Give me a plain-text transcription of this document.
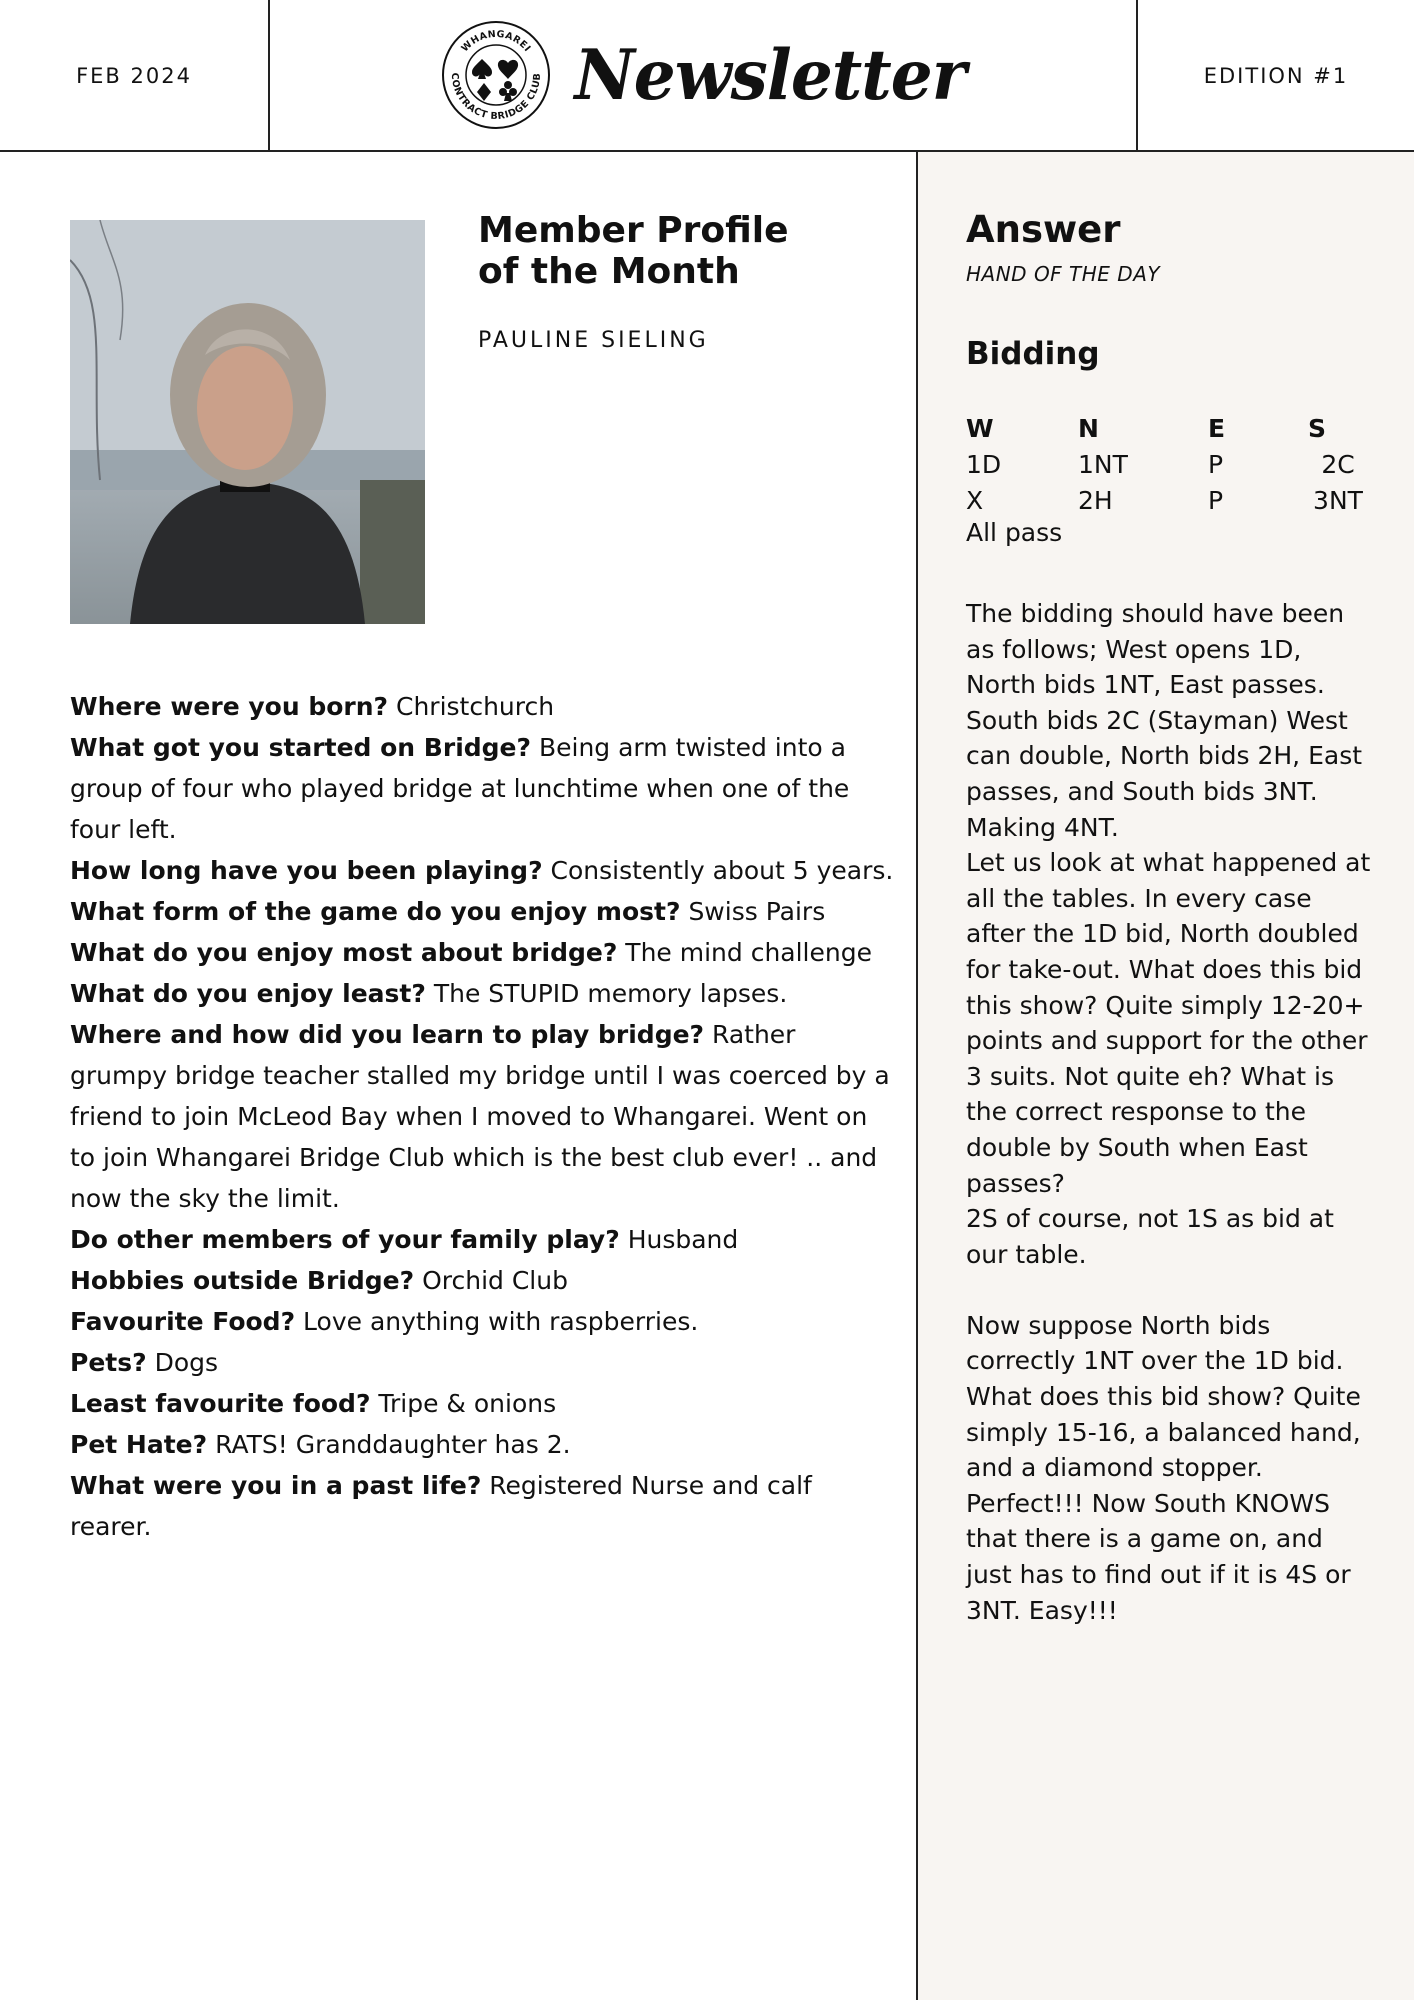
FEB 2024
WHANGAREI
CONTRACT BRIDGE CLUB Newsletter	EDITION #1
Member Profile
of the Month
PAULINE SIELING
Where were you born? Christchurch
What got you started on Bridge? Being arm twisted into a group of four who played bridge at lunchtime when one of the four left.
How long have you been playing? Consistently about 5 years.
What form of the game do you enjoy most? Swiss Pairs
What do you enjoy most about bridge? The mind challenge
What do you enjoy least? The STUPID memory lapses.
Where and how did you learn to play bridge? Rather grumpy bridge teacher stalled my bridge until I was coerced by a friend to join McLeod Bay when I moved to Whangarei. Went on to join Whangarei Bridge Club which is the best club ever! .. and now the sky the limit.
Do other members of your family play? Husband
Hobbies outside Bridge? Orchid Club
Favourite Food? Love anything with raspberries.
Pets? Dogs
Least favourite food? Tripe & onions
Pet Hate? RATS! Granddaughter has 2.
What were you in a past life? Registered Nurse and calf rearer.
Answer
HAND OF THE DAY
Bidding
W	N	E	S
1D	1NT	P	2C
X	2H	P	3NT
All pass

The bidding should have been as follows; West opens 1D, North bids 1NT, East passes. South bids 2C (Stayman) West can double, North bids 2H, East passes, and South bids 3NT. Making 4NT.

Let us look at what happened at all the tables. In every case after the 1D bid, North doubled for take-out. What does this bid this show? Quite simply 12-20+ points and support for the other 3 suits. Not quite eh? What is the correct response to the double by South when East passes?

2S of course, not 1S as bid at our table.

Now suppose North bids correctly 1NT over the 1D bid. What does this bid show? Quite simply 15-16, a balanced hand, and a diamond stopper. Perfect!!! Now South KNOWS that there is a game on, and just has to find out if it is 4S or 3NT. Easy!!!
